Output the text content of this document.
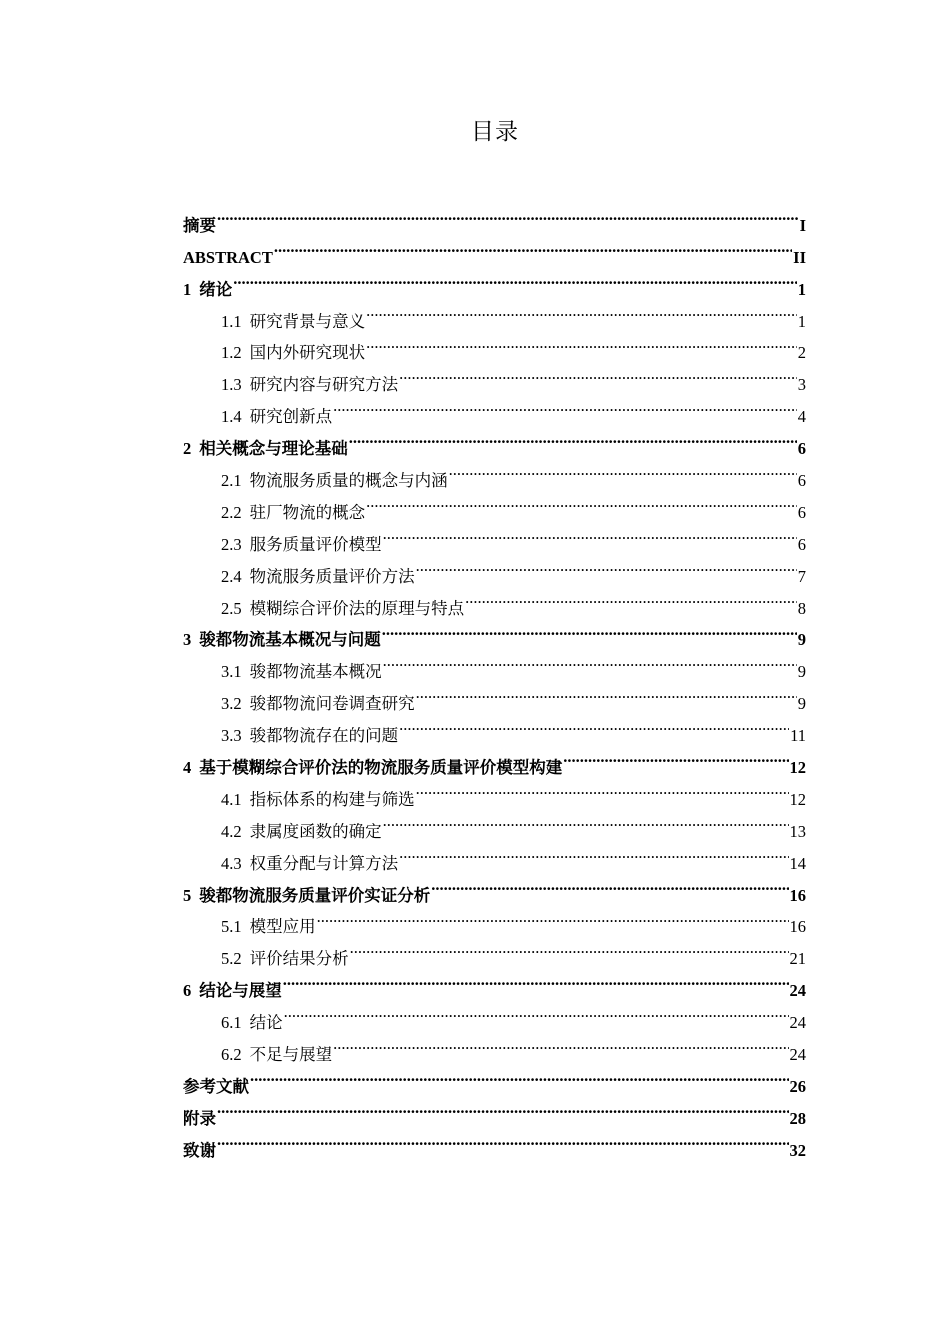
目录
摘要 .....	I
ABSTRACT .....	II
1 绪论 .....	1
1.1 研究背景与意义 .....	1
1.2 国内外研究现状 .....	2
1.3 研究内容与研究方法 .....	3
1.4 研究创新点 .....	4
2 相关概念与理论基础 .....	6
2.1 物流服务质量的概念与内涵 .....	6
2.2 驻厂物流的概念 .....	6
2.3 服务质量评价模型 .....	6
2.4 物流服务质量评价方法 .....	7
2.5 模糊综合评价法的原理与特点 .....	8
3 骏都物流基本概况与问题 .....	9
3.1 骏都物流基本概况 .....	9
3.2 骏都物流问卷调查研究 .....	9
3.3 骏都物流存在的问题 .....	11
4 基于模糊综合评价法的物流服务质量评价模型构建 .....	12
4.1 指标体系的构建与筛选 .....	12
4.2 隶属度函数的确定 .....	13
4.3 权重分配与计算方法 .....	14
5 骏都物流服务质量评价实证分析 .....	16
5.1 模型应用 .....	16
5.2 评价结果分析 .....	21
6 结论与展望 .....	24
6.1 结论 .....	24
6.2 不足与展望 .....	24
参考文献 .....	26
附录 .....	28
致谢 .....	32
